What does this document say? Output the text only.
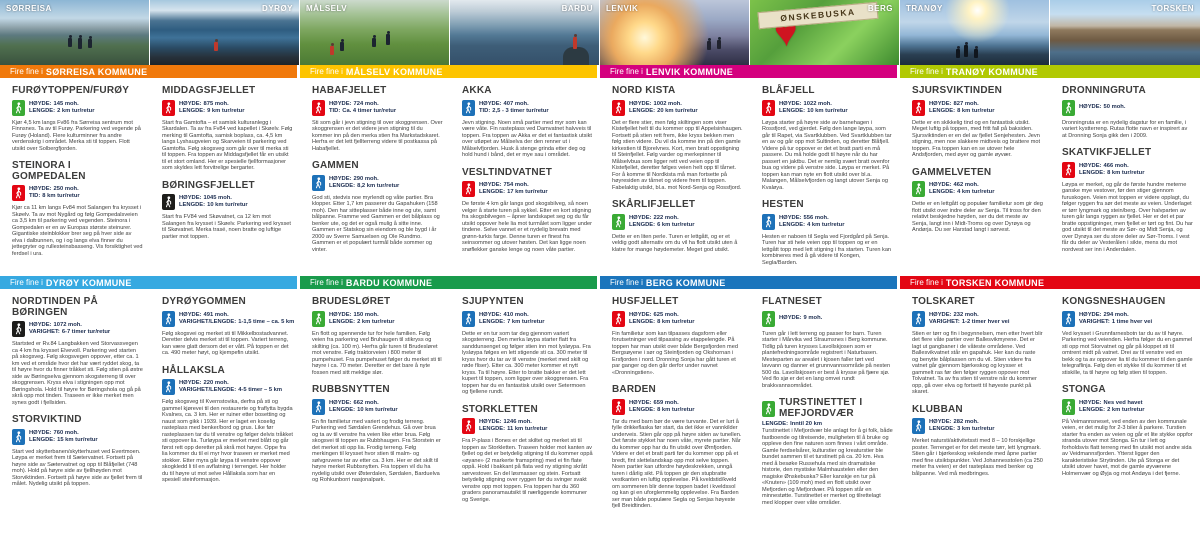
SØRREISA	DYRØY MÅLSELV	BARDU LENVIK	BERG
ØNSKEBUSKA
♥	TRANØY	TORSKEN
Fire fine i SØRREISA KOMMUNE	Fire fine i MÅLSELV KOMMUNE	Fire fine i LENVIK KOMMUNE	Fire fine i TRANØY KOMMUNE
FURØYTOPPEN/FURØY
HØYDE: 145 moh.
LENGDE: 2 km tur/retur

Kjør 4,5 km langs Fv86 fra Sørreisa sentrum mot Finnsnes. Ta av til Furøy. Parkering ved vegende på Furøy (Holand). Flere kulturminner fra andre verdenskrig i området. Merka sti til toppen. Flott utsikt over Solbergfjorden.

STEINORA I GOMPEDALEN
HØYDE: 250 moh.
TID: 8 km tur/retur

Kjør ca 11 km langs Fv84 mot Salangen fra krysset i Skøelv. Ta av mot Nygård og følg Gompedalsveien ca 3,5 km til parkering ved vegenden. Steinora i Gompedalen er en av Europas største steinurer. Gigantiske steinblokker brer seg på hver side av elva i dalbunnen, og i og langs elva finner du jettegryter og rullesteinsbasseng. Vis forsiktighet ved ferdsel i ura.

MIDDAGSFJELLET
HØYDE: 875 moh.
LENGDE: 9 km tur/retur

Start fra Gamtofta – et samisk kulturanlegg i Skardalen. Ta av fra Fv84 ved kapellet i Skøelv. Følg merking til Gamtofta, samisk boplass, ca. 4,5 km langs Lyshaugveien og Skarveien til parkering ved Gamtofta. Følg skogsveg som går over til merka sti til toppen. Fra toppen av Middagsfjellet får en utsikt til et stort omland. Her er spesielle fjellformasjoner som skyldes lett forvitrelige bergarter.

BØRINGSFJELLET
HØYDE: 1045 moh.
LENGDE: 10 km tur/retur

Start fra FV84 ved Skøvatnet, ca 12 km mot Salangen fra krysset i Skøelv. Parkering ved krysset til Skøvatnet. Merka trasé, noen bratte og luftige partier mot toppen.

HABAFJELLET
HØYDE: 724 moh.
TID: Ca. 4 timer tur/retur

Sti som går i jevn stigning til over skoggrensen. Over skoggrensen er det videre jevn stigning til du kommer inn på den merka stien fra Markstadskaret. Herfra er det lett fjellterreng videre til postkassa på Habafjellet.

GAMMEN
HØYDE: 290 moh.
LENGDE: 8,2 km tur/retur

God sti, stedvis noe myrlendt og våte partier. Bra klopper. Etter 1,7 km passerer du Gapahuken (158 moh). Den har sitteplasser både inne og ute, samt bålpanne. Framme ved Gammen er det bålplass og benker ute, og det er også mulig å sitte inne. Gammen er Statskog sin eiendom og ble bygd i år 2000 av Sverre Samuelsen og Ole Rundmo. Gammen er et populært turmål både sommer og vinter.

AKKA
HØYDE: 407 moh.
TID: 2,5 - 3 timer tur/retur

Jevn stigning. Noen små partier med myr som kan være våte. Fin rasteplass ved Damvatnet halvveis til toppen. Fra toppen av Akka er det ei fantastisk utsikt over utløpet av Målselva der den renner ut i Målselvfjorden. Husk å stenge grinda etter deg og hold hund i bånd, det er mye sau i området.

VESLTINDVATNET
HØYDE: 754 moh.
LENGDE: 17 km tur/retur

De første 4 km går langs god skogsbilveg, så noen velger å starte turen på sykkel. Etter en kort stigning fra skogsbilvegen – åpner landskapet seg og du får utsikt oppover hele lia mot turmålet som ligger under tindene. Selve vannet er et nydelig brevatn med grønn-turkis farge. Denne turen er finest fra seinsommer og utover høsten. Det kan ligge noen snøflekker ganske lenge og noen våte partier.

NORD KISTA
HØYDE: 1002 moh.
LENGDE: 20 km tur/retur

Det er flere stier, men følg skiltingen som viser Kistefjellet helt til du kommer opp til Appelsinhaugen. Fortsett på stien rett frem, ikke kryss bekken men følg stien videre. Du vil da komme inn på den gamle kirkestien til Bjorelvnes. Kort, men bratt oppstigning til Steinfjellet. Følg varder og merkepinner til Målselvbua som ligger rett ved veien opp til Kistefjellet, deretter følges veien helt opp til tårnet. For å komme til Nordkista må man fortsette på høyresiden av tårnet og videre frem til toppen. Fabelaktig utsikt, bl.a. mot Nord-Senja og Rossfjord.

SKÅRLIFJELLET
HØYDE: 222 moh.
LENGDE: 6 km tur/retur

Dette er en liten perle. Turen er lettgått, og er et veldig godt alternativ om du vil ha flott utsikt uten å klatre for mange høydemeter. Meget god utsikt.

BLÅFJELL
HØYDE: 1022 moh.
LENGDE: 10 km tur/retur

Løypa starter på høyre side av barnehagen i Rossfjord, ved gjerdet. Følg den lange løypa, som går til Rapet, via Svartklubben. Ved Svartklubben tar en av og går opp mot Sultinden, og deretter Blåfjell. Videre på tur oppover er det et bratt parti en må passere. Du må holde godt til høyre når du har passert en jaktbu. Det er nemlig svært bratt ovenfor bua og videre på venstre side. Løypa er merket. På toppen kan man nyte en flott utsikt over bl.a. Malangen, Målselvfjorden og langt utover Senja og Kvaløya.

HESTEN
HØYDE: 556 moh.
LENGDE: 4 km tur/retur

Hesten er naboen til Segla ved Fjordgård på Senja. Turen har sti hele veien opp til toppen og er en lettgått topp med lett stigning i fra starten. Turen kan kombineres med å gå videre til Kongen, Segla/Barden.

SJURSVIKTINDEN
HØYDE: 827 moh.
LENGDE: 8 km tur/retur

Dette er en skikkelig tind og en fantastisk utsikt. Meget luftig på toppen, med fritt fall på baksiden. Sjursviktinden er en del av fjellet Senjehesten. Jevn stigning, men noe slakkere midtveis og brattere mot toppen. Fra toppen kan en se utover hele Andsfjorden, med øyer og gamle øyvær.

GAMMELVETEN
HØYDE: 462 moh.
LENGDE: 4 km tur/retur

Dette er en lettgått og populær familietur som gir deg flott utsikt over indre deler av Senja. Til tross for den relativt beskjedne høyden, ser du det meste av Senja, langt inn i Midt-Troms og over Dyrøya og Andørja. Du ser Harstad langt i sørvest.

DRONNINGRUTA
HØYDE: 50 moh.

Dronningruta er en nydelig dagstur for en familie, i variert kystterreng. Rutas flotte navn er inspirert av at Dronning Sonja gikk den i 2009.

SKATVIKFJELLET
HØYDE: 466 moh.
LENGDE: 8 km tur/retur

Løypa er merket, og går de første hundre meterne ganske mye vestover, før den stiger gjennom furuskogen. Veien mot toppen er videre opplagt, du følger ryggen fra sør det meste av veien. Underlaget er tørr lyngmark og stein/berg. Over halvparten av turen går langs ryggen av fjellet. Her er det et par bratte oppstigninger, men fjellet er tørt og fint. Du har god utsikt til det meste av Sør- og Midt Senja, og over Dyrøya ser du store deler av Sør-Troms. I vest får du deler av Vesterålen i sikte, mens du mot nordvest ser inn i Anderdalen.

Fire fine i DYRØY KOMMUNE	Fire fine i BARDU KOMMUNE	Fire fine i BERG KOMMUNE	Fire fine i TORSKEN KOMMUNE
NORDTINDEN PÅ BØRINGEN
HØYDE: 1072 moh.
VARIGHET: 6-7 timer tur/retur

Startsted er Rv.84 Langbakken ved Storvassvegen ca 4 km fra krysset Elvevoll. Parkering ved starten på skogsveg. Følg skogsvegen oppover, etter ca. 1 km ved et område hvor det har vært ryddet skog, ta til høyre hvor du finner tråkket sti. Følg stien på østre side av Børingselva gjennom skogsterreng til over skoggrensen. Kryss elva i stigningen opp mot Børingshola. Hold til høyre for Børingshola og gå på skrå opp mot tinden. Traseen er ikke merket men synes godt i fjellsiden.

STORVIKTIND
HØYDE: 760 moh.
LENGDE: 15 km tur/retur

Start ved skytterbanen/skytterhuset ved Evertmoen. Løypa er merket frem til Sætervatnet. Fortsett på høyre side av Sætervatnet og opp til Blåfjellet (748 moh). Hold på høyre side av fjellhøyden mot Storviktinden. Fortsett på høyre side av fjellet frem til målet. Nydelig utsikt på toppen.

DYRØYGOMMEN
HØYDE: 491 moh.
VARIGHET/LENGDE: 1-1,5 time – ca. 5 km

Følg skogsvei og merket sti til Mikkelbostadvannet. Deretter delvis merket sti til toppen. Variert terreng, kan være glatt dersom det er vått. På toppen er det ca. 490 meter høyt, og kjempefin utsikt.

HÅLLAKSLA
HØYDE: 220 moh.
VARIGHET/LENGDE: 4-5 timer – 5 km

Følg skogsveg til Kvernstovika, derfra på sti og gammel kjørevei til den restaurerte og fraflytta bygda Kvalnes, ca. 3 km. Her er ruiner etter bosetting og naust som gikk i 1939. Her er laget en koselig rasteplass med benker/bord og grus. Like før rasteplassen tar du til venstre og følger delvis tråkket sti oppover lia. Turløypa er merket med blått og går først rett opp deretter på skrå mot høyre. Oppe fra lia kommer du til ei myr hvor traseen er merket med stokker. Etter myra går løypa til venstre oppover skogkledd li til en avflatning i terrenget. Her holder du til høyre ut mot selve Hållaksla som har en spesiell steinformasjon.

BRUDESLØRET
HØYDE: 150 moh.
LENGDE: 2 km tur/retur

En flott og spennende tur for hele familien. Følg veien fra parkering ved Bruhaugen til stikryss og skilting (ca. 100 m). Herfra går turen til Brudesløret mot venstre. Følg traktorveien i 800 meter til pumpehuset. Fra pumpehuset følger du merket sti til høyre i ca. 70 meter. Deretter er det bare å nyte fossen med sitt mektige slør.

RUBBSNYTTEN
HØYDE: 662 moh.
LENGDE: 10 km tur/retur

En fin familietur med variert og frodig terreng. Parkering ved Sørdalen Grendehus. Gå over brua og ta av til venstre fra veien like etter brua. Følg skogsvei til toppen av Rubbhaugen. Fra Storstein er det merket sti opp lia. Frodig terreng. Følg merkingen til krysset hvor stien til malm- og sølvgruvene tar av etter ca. 3 km. Her er det skilt til høyre merket Rubbsnytten. Fra toppen vil du ha nydelig utsikt over Østerdalen, Sørdalen, Barduelva og Rohkunborri nasjonalpark.

SJUPYNTEN
HØYDE: 410 moh.
LENGDE: 7 km tur/retur

Dette er en tur som tar deg gjennom variert skogsterreng. Den merka løypa starter flatt fra sanddunsenget og følger stien inn mot lysløypa. Fra lysløypa følges en lett stigende sti ca. 300 meter til kryss hvor du tar av til venstre (merket med skilt og røde fliser). Etter ca. 300 meter kommer et nytt kryss. Ta til høyre. Etter to bratte bakker er det lett kupert til toppen, som ligger over skoggrensen. Fra toppen har du en fantastisk utsikt over Setermoen og fjellene rundt.

STORKLETTEN
HØYDE: 1246 moh.
LENGDE: 11 km tur/retur

Fra P-plass i Bones er det skiltet og merket sti til toppen av Storkletten. Traseen holder mot kanten av fjellet og det er betydelig stigning til du kommer oppå «øyane» (2 markerte framspring) med ei fin flate oppå. Hold i bakkant på flata ved ny stigning skrått sørvestover. En del løsmasser og stein. Fortsatt betydelig stigning over ryggen før du svinger svakt venstre opp mot toppen. Fra toppen har du 360 graders panoramautsikt til nærliggende kommuner og Sverige.

HUSFJELLET
HØYDE: 625 moh.
LENGDE: 8 km tur/retur

Fin familietur som kan tilpasses dagsform eller forutsetninger ved tilpassing av etappelengde. På toppen har man utsikt over både Bergsfjorden med Bergsøyene i sør og Steinfjorden og Okshornan i Ersfjorden i nord. Dronning Sonja har gått turen et par ganger og den går derfor under navnet «Dronningstien».

BARDEN
HØYDE: 659 moh.
LENGDE: 8 km tur/retur

Tar du med barn bør de være turvante. Det er lurt å fylle drikkeflaska før start, da det ikke er vannkilder underveis. Stien går opp på høyre siden av tunellen. Det første stykket har noen våte, myrete partier. Når du kommer opp har du fin utsikt over Ørnfjorden. Videre er det et bratt parti før du kommer opp på et bredt, fint slettelandskap opp mot selve toppen. Noen partier kan utfordre høydeskrekken, unngå turen i dårlig sikt. På toppen gir den stupbratte vestkanten en luftig opplevelse. På kveldstid/kveld om sommeren blir denne toppen badet i kveldssol og kan gi en uforglemmelig opplevelse. Fra Barden ser man både populære Segla og Senjas høyeste fjell Breidtinden.

FLATNESET
HØYDE: 9 moh.

Turen går i lett terreng og passer for barn. Turen starter i Mårvika ved Straumsnes i Berg kommune. Tidlig på turen krysses Lavollskjosen som er plantefredningsområde registrert i Naturbasen. Mesteparten av arealet i kjosen faller tørt ved lavvann og danner et grunnvannsområde på nesten 500 da. Lavollskjosen er best å krysse på fjære sjø. Ved flo sjø er det en lang omvei rundt brakkvannsområdet.

TURSTINETTET I MEFJORDVÆR
LENGDE: Inntil 20 km

Turstinettet i Mefjordvær ble anlagt for å gi folk, både fastboende og tilreisende, muligheten til å bruke og oppleve den fine naturen som finnes i vårt område. Gamle ferdselsårer, kulturstier og kreaturstier ble bundet sammen til et turstinett på ca. 20 km. Hva med å besøke Russehula med sin dramatiske historie, den mystiske Malmhaustelen eller den magiske Ønskebuska? Eller kanskje en tur på «Knuten» (109 moh) med en flott utsikt over Mefjorden og Mefjordvær. På toppen står en minnestøtte. Turstinettet er merket og tilrettelagt med klopper over våte områder.

TOLSKARET
HØYDE: 232 moh.
VARIGHET: 1-2 timer hver vei

Stien er tørr og fin i begynnelsen, men etter hvert blir det flere våte partier over Ballesvikmyrene. Det er lagt ut gangbaner i de våteste områdene. Ved Ballesvikvatnet står en gapahuk. Her kan du raste og benytte bålplassen om du vil. Stien videre fra vatnet går gjennom bjørkeskog og krysser et gammelt ras før den følger ryggen oppover mot Tolvatnet. Ta av fra stien til venstre når du kommer opp, gå over elva og fortsett til høyeste punkt på skaret.

KLUBBAN
HØYDE: 282 moh.
LENGDE: 3 km tur/retur

Merket natursti/aktivitetssti med 8 – 10 forskjellige poster. Terrenget er for det meste tørr, lett lyngmark. Stien går i bjørkeskog vekslende med åpne partier med fine utsiktspunkter. Ved Johannesstolen (ca 250 meter fra veien) er det rasteplass med benker og bålpanne. Ved må medbringes.

KONGSNESHAUGEN
HØYDE: 294 moh.
VARIGHET: 1 time hver vei

Ved krysset i Grunnfarnesbotn tar du av til høyre. Parkering ved veienden. Herfra følger du en gammel sti opp mot Storvatnet og går på kloppet sti til omtrent midt på vatnet. Drei av til venstre ved en bekk og ta av oppover lia til du kommer til den gamle telegraflinja. Følg den et stykke til du kommer til et stiskille, ta til høyre og følg stien til toppen.

STONGA
HØYDE: Nes ved havet
LENGDE: 2 km tur/retur

På Veimannsneset, ved enden av den kommunale veien, er det mulig for 2-3 biler å parkere. Turstien starter fra enden av veien og går et lite stykke oppfor stranda utover mot Stonga. En tur i lett og forholdsvis flatt terreng med fin utsikt mot andre sida av Veidmannsfjorden. Ytterst ligger den karakteristiske Strytinden. Ute på Stonga er det utsikt utover havet, mot de gamle øyværene Holmenvær og Øyja og mot Andøya i det fjerne.
